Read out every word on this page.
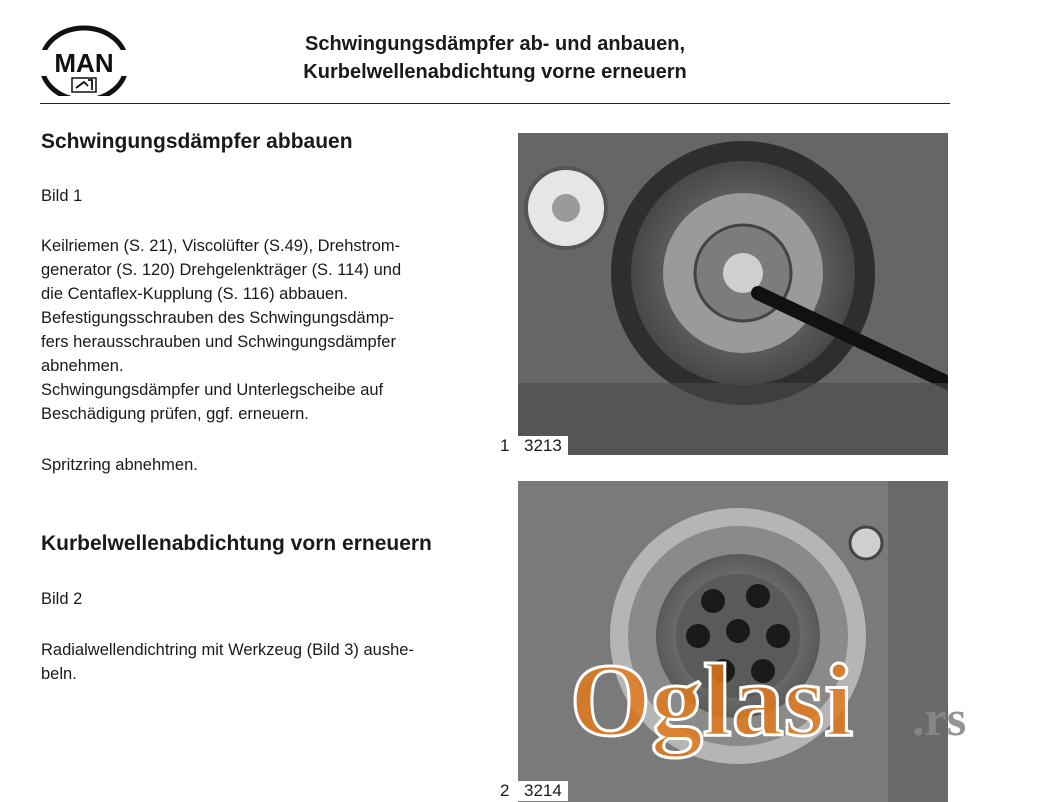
MAN
Schwingungsdämpfer ab- und anbauen,
Kurbelwellenabdichtung vorne erneuern
Schwingungsdämpfer abbauen
Bild 1
Keilriemen (S. 21), Viscolüfter (S.49), Drehstrom-
generator (S. 120) Drehgelenkträger (S. 114) und
die Centaflex-Kupplung (S. 116) abbauen.
Befestigungsschrauben des Schwingungsdämp-
fers herausschrauben und Schwingungsdämpfer
abnehmen.
Schwingungsdämpfer und Unterlegscheibe auf
Beschädigung prüfen, ggf. erneuern.
Spritzring abnehmen.
Kurbelwellenabdichtung vorn erneuern
Bild 2
Radialwellendichtring mit Werkzeug (Bild 3) aushe-
beln.
1 3213
2 3214
Oglasi .rs
